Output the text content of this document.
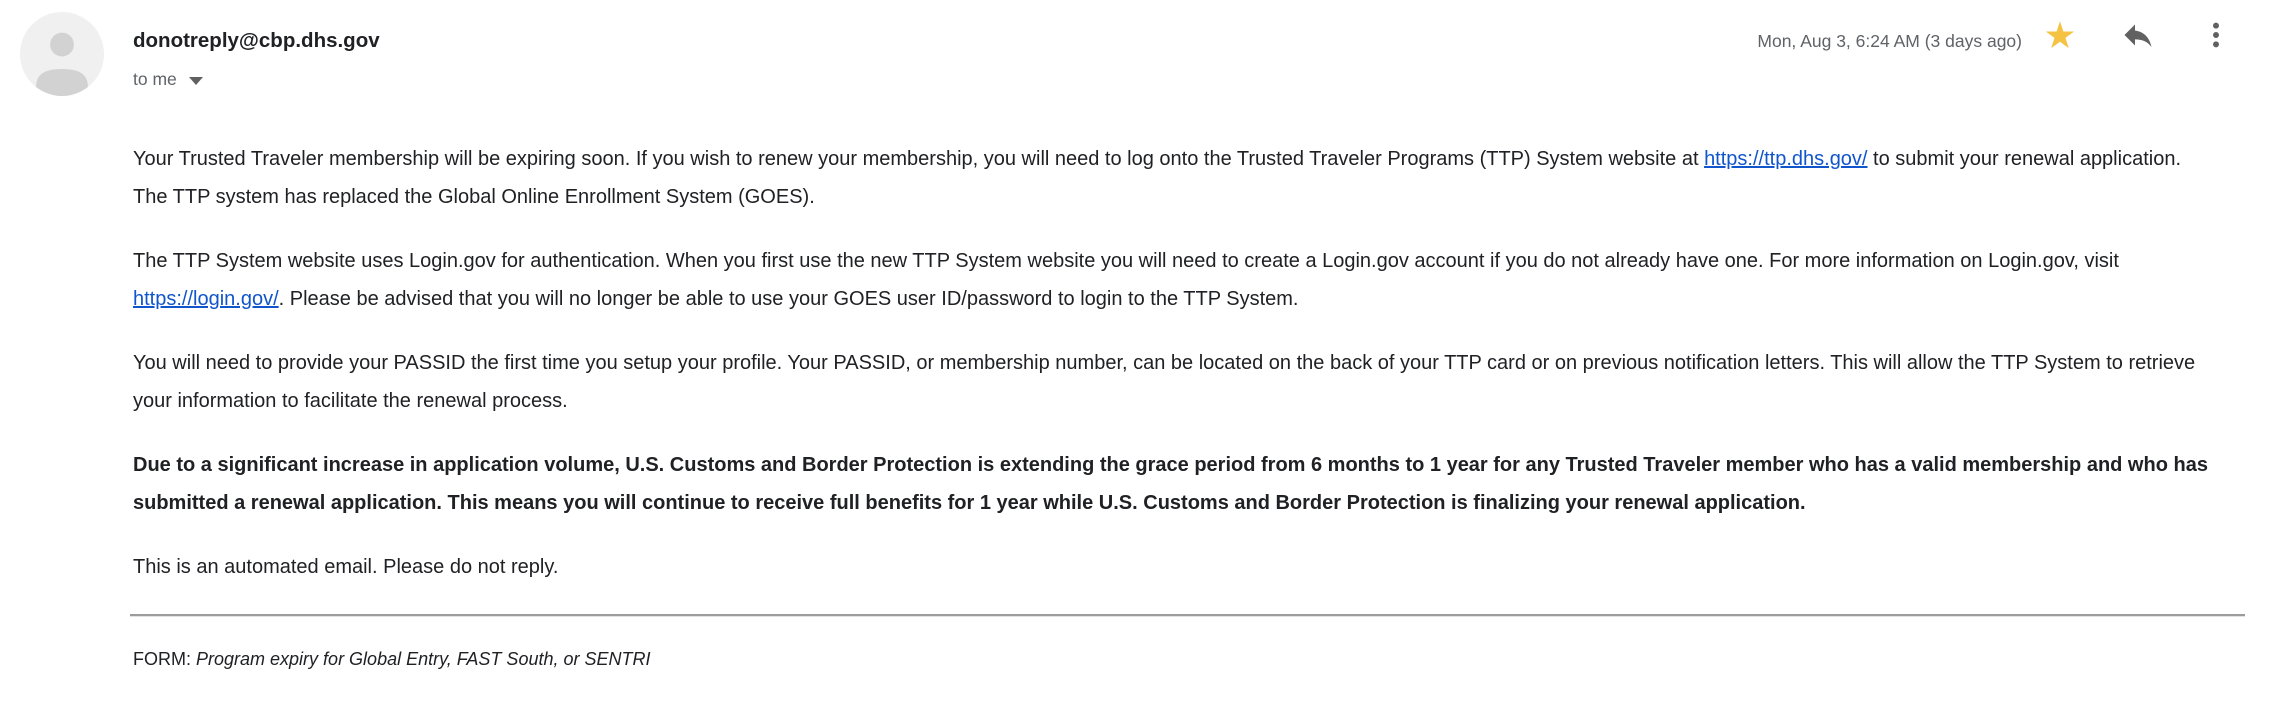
donotreply@cbp.dhs.gov	Mon, Aug 3, 6:24 AM (3 days ago) ★
to me

Your Trusted Traveler membership will be expiring soon. If you wish to renew your membership, you will need to log onto the Trusted Traveler Programs (TTP) System website at https://ttp.dhs.gov/ to submit your renewal application. The TTP system has replaced the Global Online Enrollment System (GOES).

The TTP System website uses Login.gov for authentication. When you first use the new TTP System website you will need to create a Login.gov account if you do not already have one. For more information on Login.gov, visit https://login.gov/. Please be advised that you will no longer be able to use your GOES user ID/password to login to the TTP System.

You will need to provide your PASSID the first time you setup your profile. Your PASSID, or membership number, can be located on the back of your TTP card or on previous notification letters. This will allow the TTP System to retrieve your information to facilitate the renewal process.

Due to a significant increase in application volume, U.S. Customs and Border Protection is extending the grace period from 6 months to 1 year for any Trusted Traveler member who has a valid membership and who has submitted a renewal application. This means you will continue to receive full benefits for 1 year while U.S. Customs and Border Protection is finalizing your renewal application.

This is an automated email. Please do not reply.

FORM: Program expiry for Global Entry, FAST South, or SENTRI
